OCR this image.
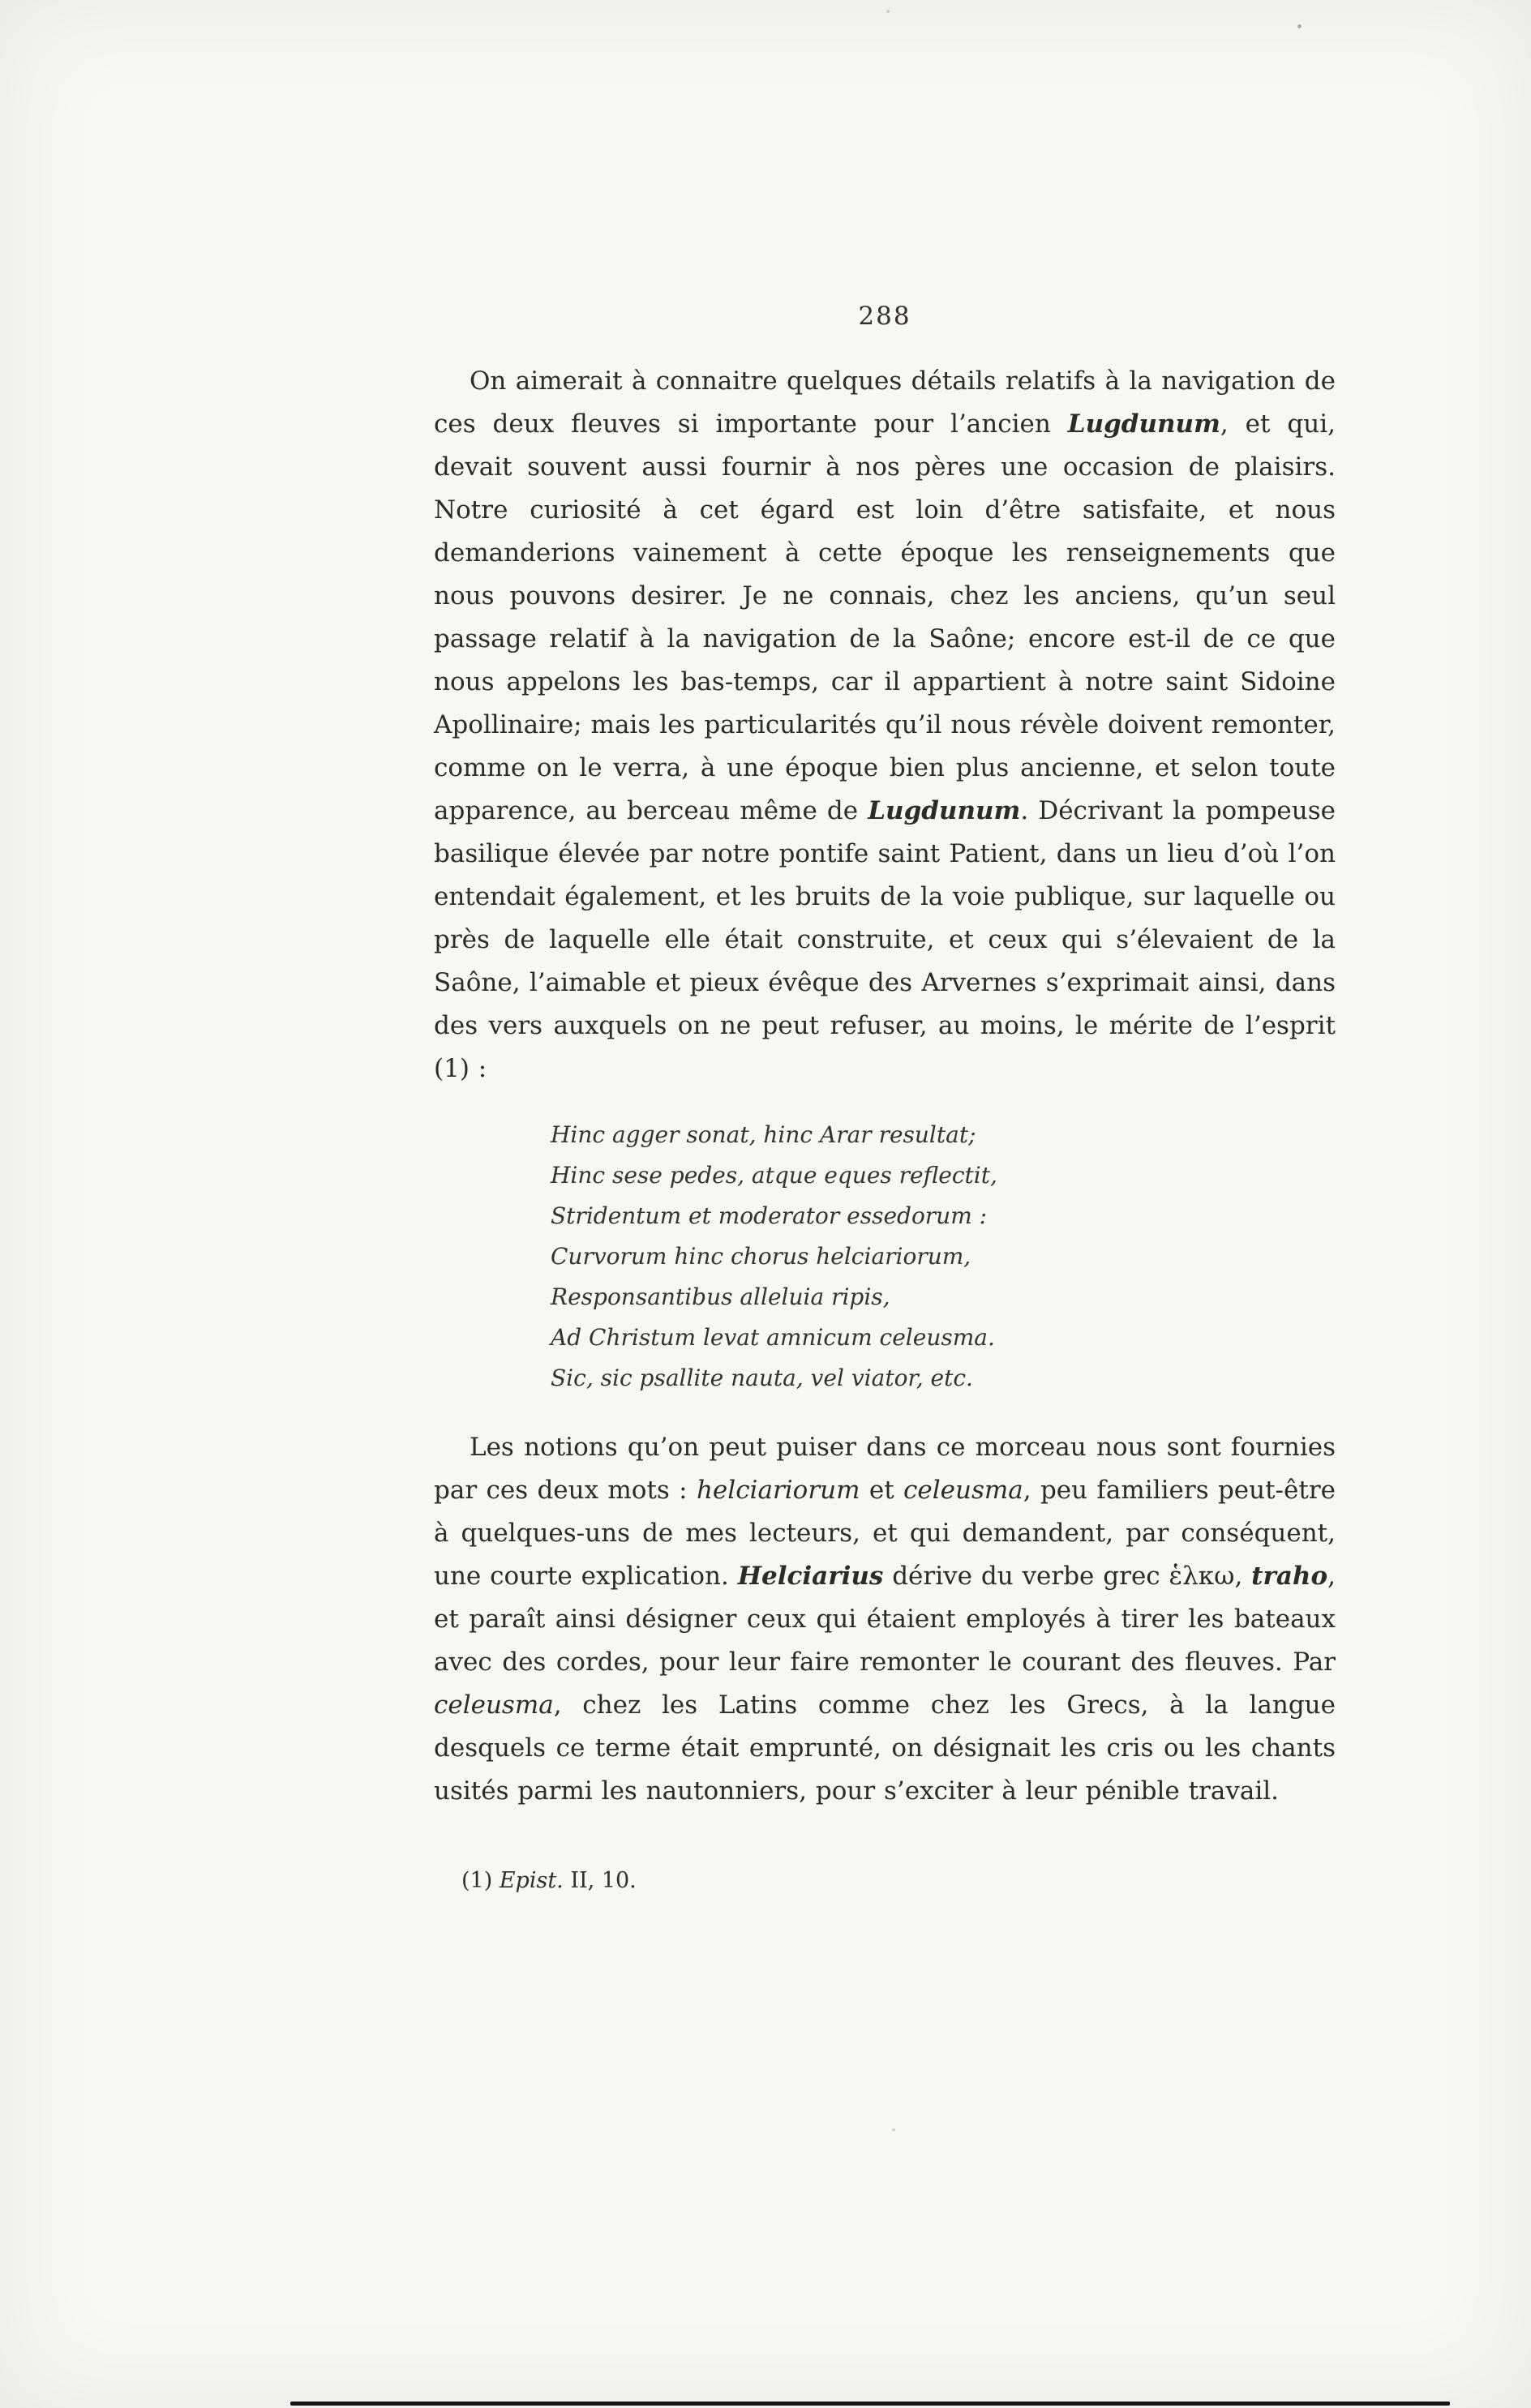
288

On aimerait à connaitre quelques détails relatifs à la navigation de ces deux fleuves si importante pour l’ancien Lugdunum, et qui, devait souvent aussi fournir à nos pères une occasion de plaisirs. Notre curiosité à cet égard est loin d’être satisfaite, et nous demanderions vainement à cette époque les renseignements que nous pouvons desirer. Je ne connais, chez les anciens, qu’un seul passage relatif à la navigation de la Saône; encore est-il de ce que nous appelons les bas-temps, car il appartient à notre saint Sidoine Apollinaire; mais les particularités qu’il nous révèle doivent remonter, comme on le verra, à une époque bien plus ancienne, et selon toute apparence, au berceau même de Lugdunum. Décrivant la pompeuse basilique élevée par notre pontife saint Patient, dans un lieu d’où l’on entendait également, et les bruits de la voie publique, sur laquelle ou près de laquelle elle était construite, et ceux qui s’élevaient de la Saône, l’aimable et pieux évêque des Arvernes s’exprimait ainsi, dans des vers auxquels on ne peut refuser, au moins, le mérite de l’esprit (1) :

Hinc agger sonat, hinc Arar resultat;
Hinc sese pedes, atque eques reflectit,
Stridentum et moderator essedorum :
Curvorum hinc chorus helciariorum,
Responsantibus alleluia ripis,
Ad Christum levat amnicum celeusma.
Sic, sic psallite nauta, vel viator, etc.

Les notions qu’on peut puiser dans ce morceau nous sont fournies par ces deux mots : helciariorum et celeusma, peu familiers peut-être à quelques-uns de mes lecteurs, et qui demandent, par conséquent, une courte explication. Helciarius dérive du verbe grec ἑλκω, traho, et paraît ainsi désigner ceux qui étaient employés à tirer les bateaux avec des cordes, pour leur faire remonter le courant des fleuves. Par celeusma, chez les Latins comme chez les Grecs, à la langue desquels ce terme était emprunté, on désignait les cris ou les chants usités parmi les nautonniers, pour s’exciter à leur pénible travail.

(1) Epist. II, 10.
